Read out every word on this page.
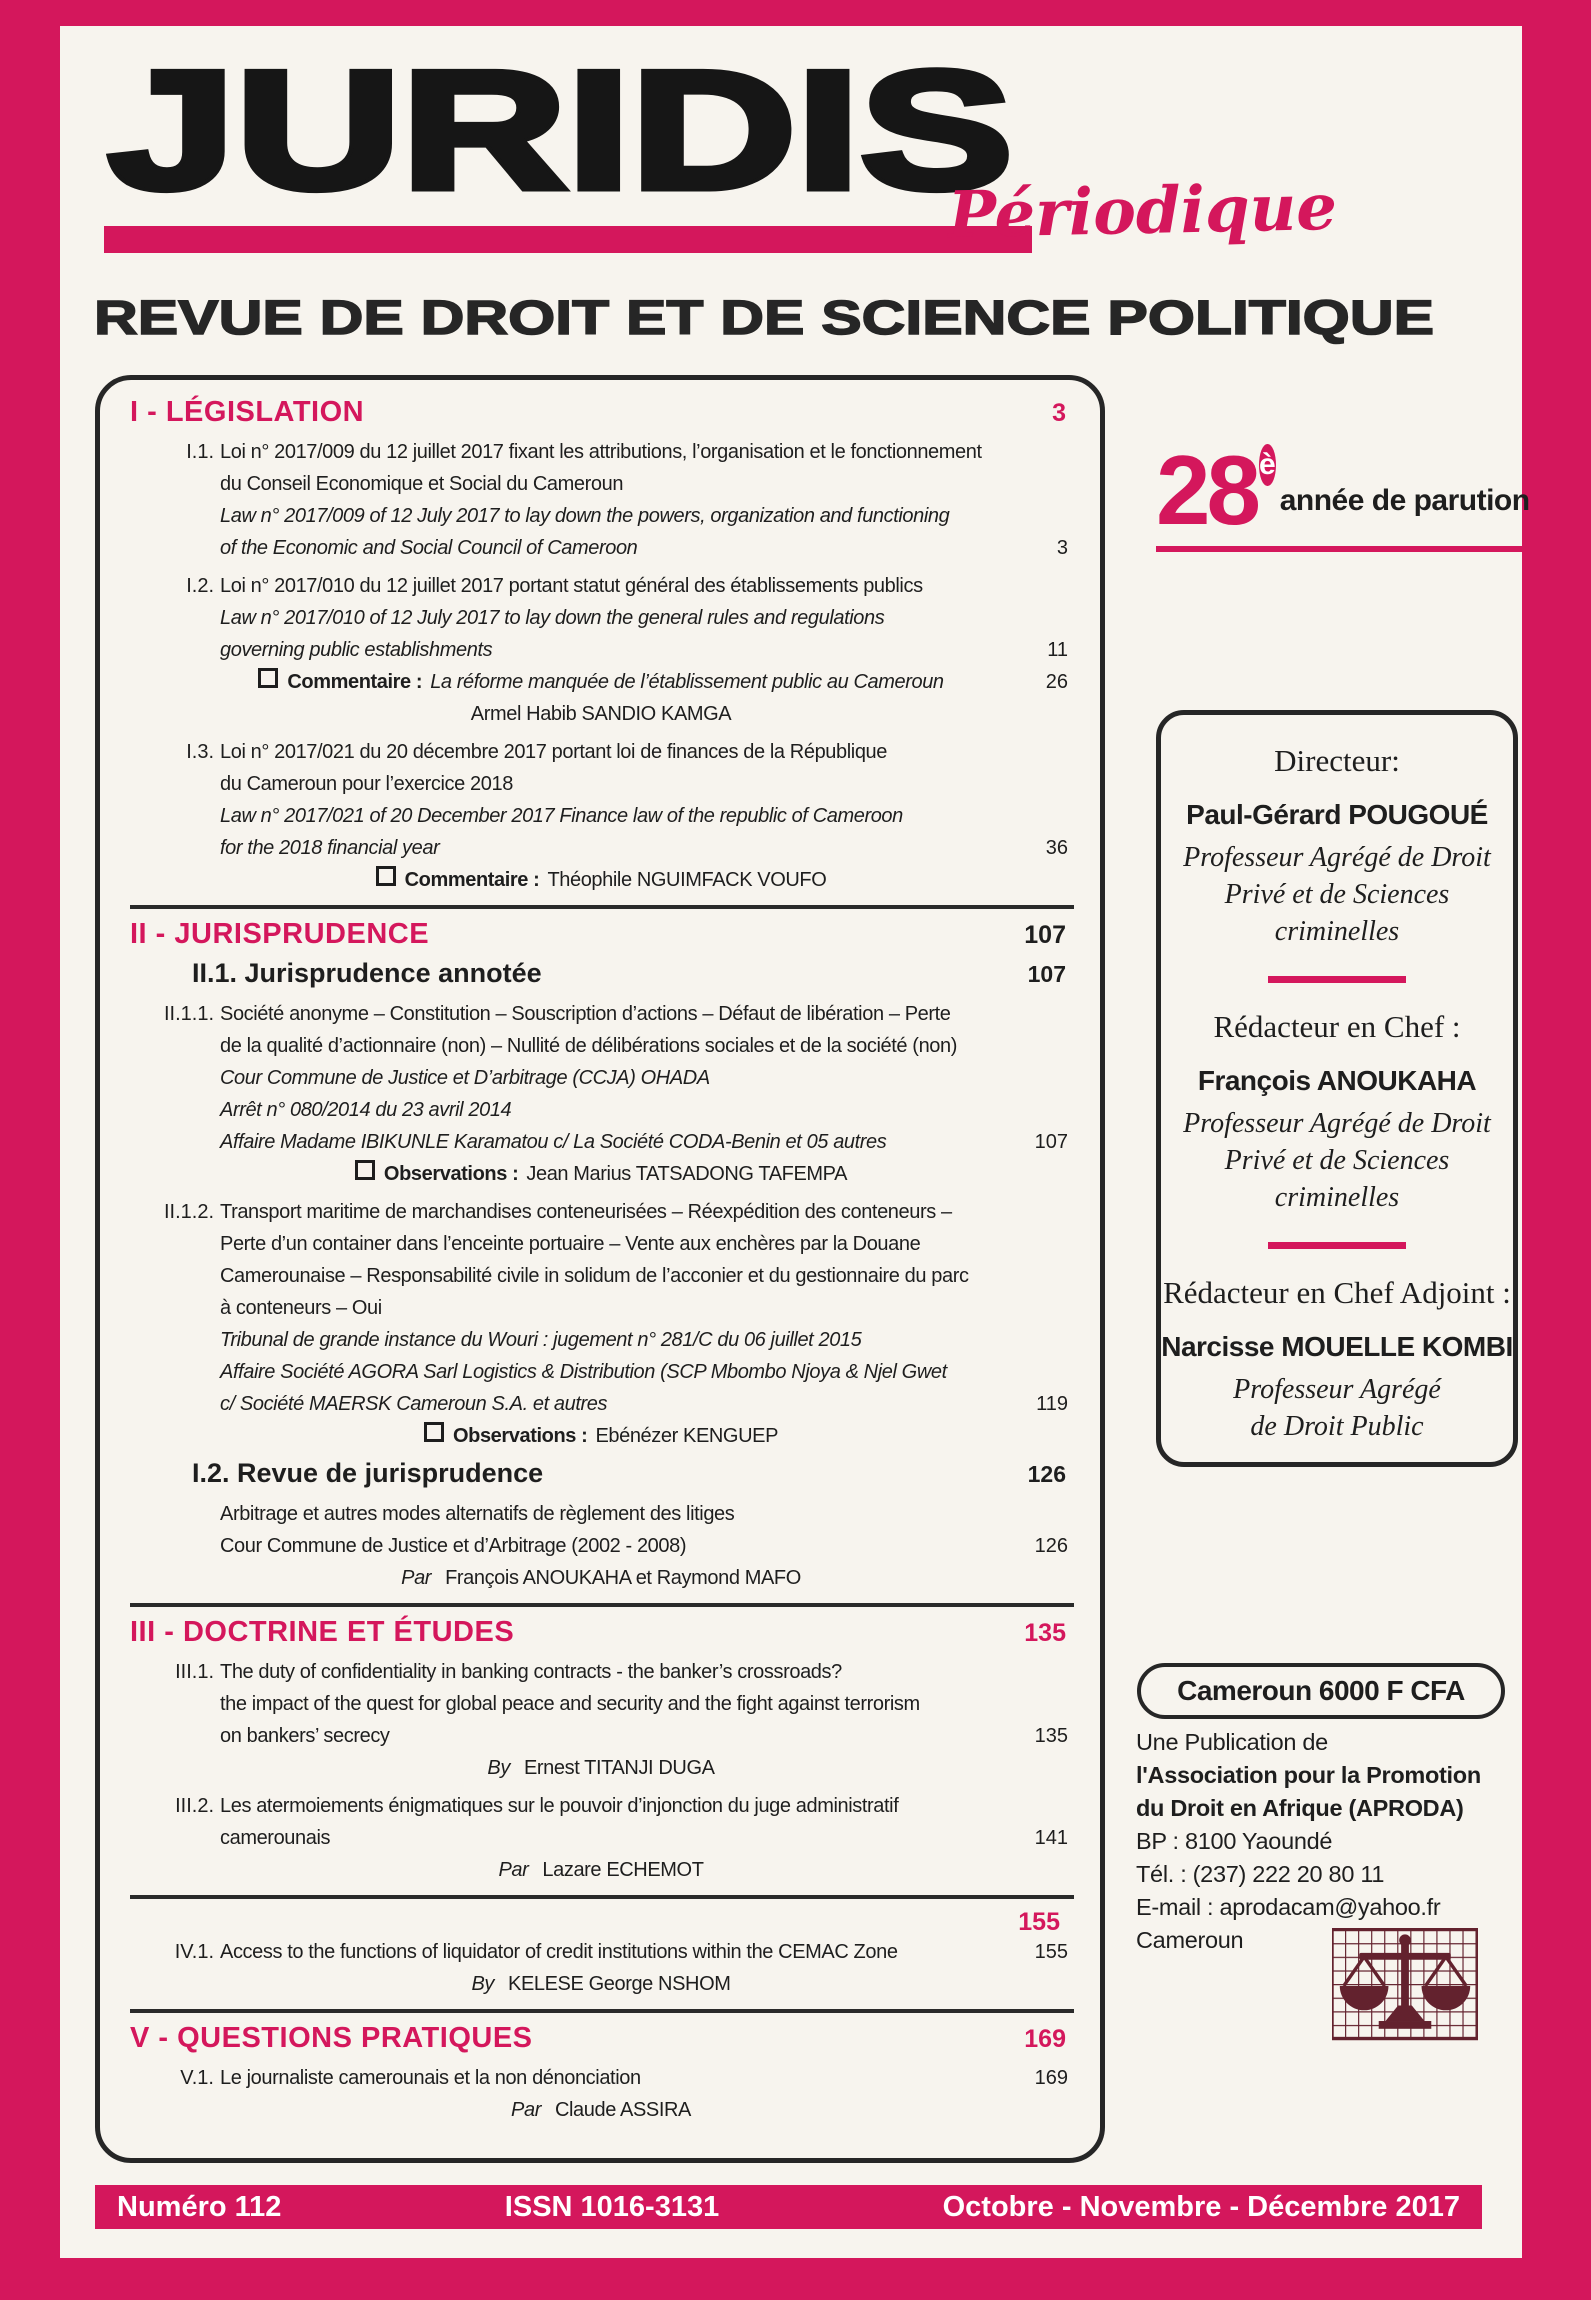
JURIDIS
Périodique
REVUE DE DROIT ET DE SCIENCE POLITIQUE
I - LÉGISLATION	3
I.1. Loi n° 2017/009 du 12 juillet 2017 fixant les attributions, l’organisation et le fonctionnement
du Conseil Economique et Social du Cameroun
Law n° 2017/009 of 12 July 2017 to lay down the powers, organization and functioning
of the Economic and Social Council of Cameroon	3
I.2. Loi n° 2017/010 du 12 juillet 2017 portant statut général des établissements publics
Law n° 2017/010 of 12 July 2017 to lay down the general rules and regulations
governing public establishments	11
Commentaire : La réforme manquée de l’établissement public au Cameroun	26
Armel Habib SANDIO KAMGA
I.3. Loi n° 2017/021 du 20 décembre 2017 portant loi de finances de la République
du Cameroun pour l’exercice 2018
Law n° 2017/021 of 20 December 2017 Finance law of the republic of Cameroon
for the 2018 financial year	36
Commentaire : Théophile NGUIMFACK VOUFO
II - JURISPRUDENCE	107
II.1. Jurisprudence annotée	107
II.1.1. Société anonyme – Constitution – Souscription d’actions – Défaut de libération – Perte
de la qualité d’actionnaire (non) – Nullité de délibérations sociales et de la société (non)
Cour Commune de Justice et D’arbitrage (CCJA) OHADA
Arrêt n° 080/2014 du 23 avril 2014
Affaire Madame IBIKUNLE Karamatou c/ La Société CODA-Benin et 05 autres	107
Observations : Jean Marius TATSADONG TAFEMPA
II.1.2. Transport maritime de marchandises conteneurisées – Réexpédition des conteneurs –
Perte d’un container dans l’enceinte portuaire – Vente aux enchères par la Douane
Camerounaise – Responsabilité civile in solidum de l’acconier et du gestionnaire du parc
à conteneurs – Oui
Tribunal de grande instance du Wouri : jugement n° 281/C du 06 juillet 2015
Affaire Société AGORA Sarl Logistics & Distribution (SCP Mbombo Njoya & Njel Gwet
c/ Société MAERSK Cameroun S.A. et autres	119
Observations : Ebénézer KENGUEP
I.2. Revue de jurisprudence	126
Arbitrage et autres modes alternatifs de règlement des litiges
Cour Commune de Justice et d’Arbitrage (2002 - 2008)	126
Par François ANOUKAHA et Raymond MAFO
III - DOCTRINE ET ÉTUDES	135
III.1. The duty of confidentiality in banking contracts - the banker’s crossroads?
the impact of the quest for global peace and security and the fight against terrorism
on bankers’ secrecy	135
By Ernest TITANJI DUGA
III.2. Les atermoiements énigmatiques sur le pouvoir d’injonction du juge administratif
camerounais	141
Par Lazare ECHEMOT
155
IV.1. Access to the functions of liquidator of credit institutions within the CEMAC Zone	155
By KELESE George NSHOM
V - QUESTIONS PRATIQUES	169
V.1. Le journaliste camerounais et la non dénonciation	169
Par Claude ASSIRA
28 è
année de parution
Directeur:
Paul-Gérard POUGOUÉ
Professeur Agrégé de Droit
Privé et de Sciences
criminelles
Rédacteur en Chef :
François ANOUKAHA
Professeur Agrégé de Droit
Privé et de Sciences
criminelles
Rédacteur en Chef Adjoint :
Narcisse MOUELLE KOMBI
Professeur Agrégé
de Droit Public
Cameroun 6000 F CFA
Une Publication de
l'Association pour la Promotion
du Droit en Afrique (APRODA)
BP : 8100 Yaoundé
Tél. : (237) 222 20 80 11
E-mail : aprodacam@yahoo.fr
Cameroun
Numéro 112	ISSN 1016-3131	Octobre - Novembre - Décembre 2017
